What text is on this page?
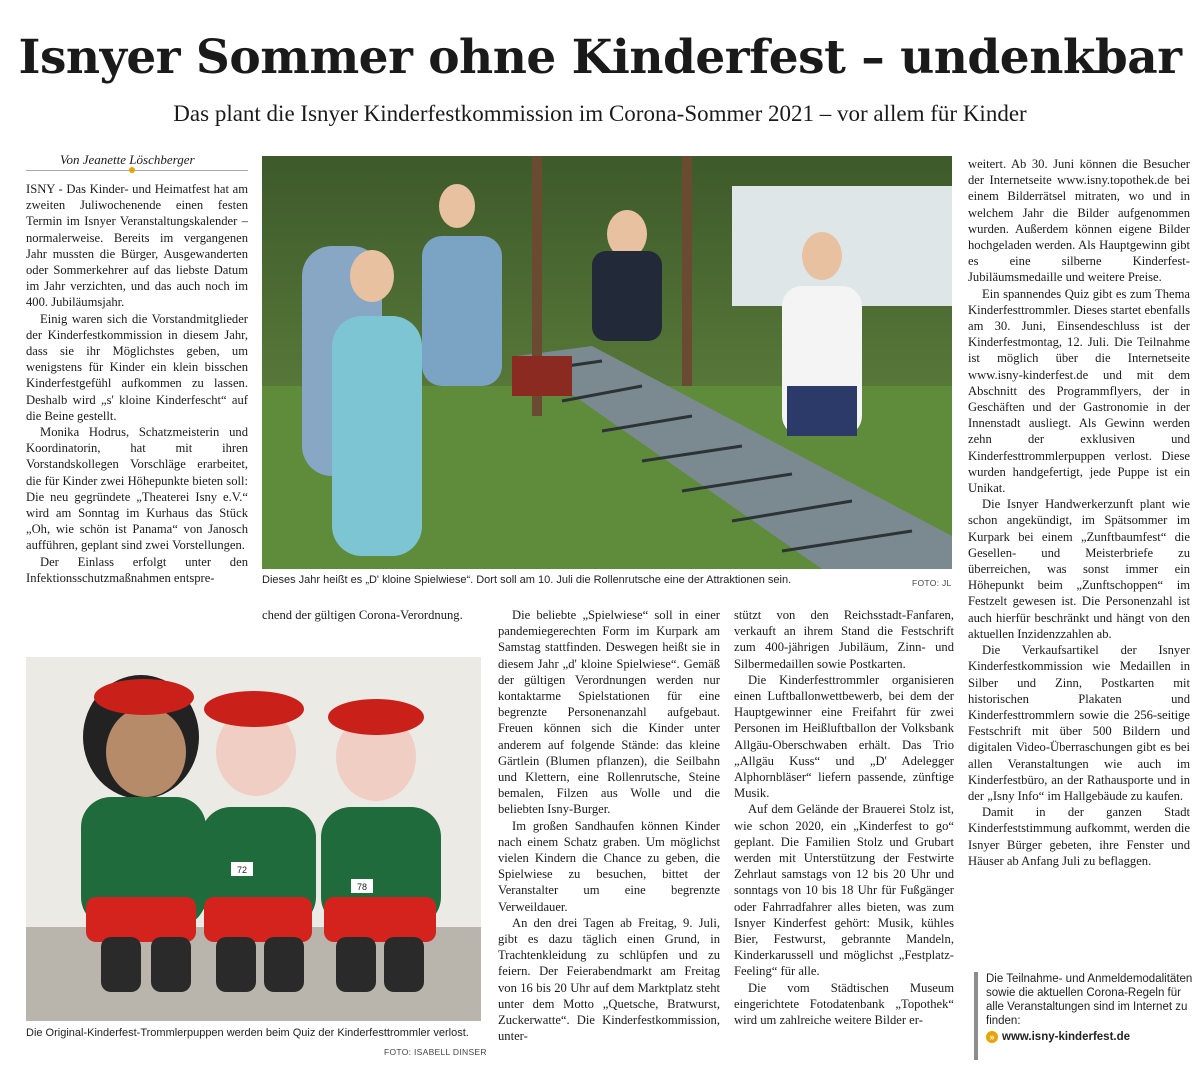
Isnyer Sommer ohne Kinderfest – undenkbar
Das plant die Isnyer Kinderfestkommission im Corona-Sommer 2021 – vor allem für Kinder
Von Jeanette Löschberger

ISNY - Das Kinder- und Heimatfest hat am zweiten Juliwochenende einen festen Termin im Isnyer Veranstaltungskalender – normalerweise. Bereits im vergangenen Jahr mussten die Bürger, Ausgewanderten oder Sommerkehrer auf das liebste Datum im Jahr verzichten, und das auch noch im 400. Jubiläumsjahr.

Einig waren sich die Vorstandmitglieder der Kinderfestkommission in diesem Jahr, dass sie ihr Möglichstes geben, um wenigstens für Kinder ein klein bisschen Kinderfestgefühl aufkommen zu lassen. Deshalb wird „s' kloine Kinderfescht“ auf die Beine gestellt.

Monika Hodrus, Schatzmeisterin und Koordinatorin, hat mit ihren Vorstandskollegen Vorschläge erarbeitet, die für Kinder zwei Höhepunkte bieten soll: Die neu gegründete „Theaterei Isny e.V.“ wird am Sonntag im Kurhaus das Stück „Oh, wie schön ist Panama“ von Janosch aufführen, geplant sind zwei Vorstellungen.

Der Einlass erfolgt unter den Infektionsschutzmaßnahmen entspre-	Dieses Jahr heißt es „D' kloine Spielwiese“. Dort soll am 10. Juli die Rollenrutsche eine der Attraktionen sein.	FOTO: JL

chend der gültigen Corona-Verordnung.

72
78
Die Original-Kinderfest-Trommlerpuppen werden beim Quiz der Kinderfesttrommler verlost.
FOTO: ISABELL DINSER

Die beliebte „Spielwiese“ soll in einer pandemiegerechten Form im Kurpark am Samstag stattfinden. Deswegen heißt sie in diesem Jahr „d' kloine Spielwiese“. Gemäß der gültigen Verordnungen werden nur kontaktarme Spielstationen für eine begrenzte Personenanzahl aufgebaut. Freuen können sich die Kinder unter anderem auf folgende Stände: das kleine Gärtlein (Blumen pflanzen), die Seilbahn und Klettern, eine Rollenrutsche, Steine bemalen, Filzen aus Wolle und die beliebten Isny-Burger.

Im großen Sandhaufen können Kinder nach einem Schatz graben. Um möglichst vielen Kindern die Chance zu geben, die Spielwiese zu besuchen, bittet der Veranstalter um eine begrenzte Verweildauer.

An den drei Tagen ab Freitag, 9. Juli, gibt es dazu täglich einen Grund, in Trachtenkleidung zu schlüpfen und zu feiern. Der Feierabendmarkt am Freitag von 16 bis 20 Uhr auf dem Marktplatz steht unter dem Motto „Quetsche, Bratwurst, Zuckerwatte“. Die Kinderfestkommission, unter-

stützt von den Reichsstadt-Fanfaren, verkauft an ihrem Stand die Festschrift zum 400-jährigen Jubiläum, Zinn- und Silbermedaillen sowie Postkarten.

Die Kinderfesttrommler organisieren einen Luftballonwettbewerb, bei dem der Hauptgewinner eine Freifahrt für zwei Personen im Heißluftballon der Volksbank Allgäu-Oberschwaben erhält. Das Trio „Allgäu Kuss“ und „D' Adelegger Alphornbläser“ liefern passende, zünftige Musik.

Auf dem Gelände der Brauerei Stolz ist, wie schon 2020, ein „Kinderfest to go“ geplant. Die Familien Stolz und Grubart werden mit Unterstützung der Festwirte Zehrlaut samstags von 12 bis 20 Uhr und sonntags von 10 bis 18 Uhr für Fußgänger oder Fahrradfahrer alles bieten, was zum Isnyer Kinderfest gehört: Musik, kühles Bier, Festwurst, gebrannte Mandeln, Kinderkarussell und möglichst „Festplatz-Feeling“ für alle.

Die vom Städtischen Museum eingerichtete Fotodatenbank „Topothek“ wird um zahlreiche weitere Bilder er-

weitert. Ab 30. Juni können die Besucher der Internetseite www.isny.topothek.de bei einem Bilderrätsel mitraten, wo und in welchem Jahr die Bilder aufgenommen wurden. Außerdem können eigene Bilder hochgeladen werden. Als Hauptgewinn gibt es eine silberne Kinderfest-Jubiläumsmedaille und weitere Preise.

Ein spannendes Quiz gibt es zum Thema Kinderfesttrommler. Dieses startet ebenfalls am 30. Juni, Einsendeschluss ist der Kinderfestmontag, 12. Juli. Die Teilnahme ist möglich über die Internetseite www.isny-kinderfest.de und mit dem Abschnitt des Programmflyers, der in Geschäften und der Gastronomie in der Innenstadt ausliegt. Als Gewinn werden zehn der exklusiven und Kinderfesttrommlerpuppen verlost. Diese wurden handgefertigt, jede Puppe ist ein Unikat.

Die Isnyer Handwerkerzunft plant wie schon angekündigt, im Spätsommer im Kurpark bei einem „Zunftbaumfest“ die Gesellen- und Meisterbriefe zu überreichen, was sonst immer ein Höhepunkt beim „Zunftschoppen“ im Festzelt gewesen ist. Die Personenzahl ist auch hierfür beschränkt und hängt von den aktuellen Inzidenzzahlen ab.

Die Verkaufsartikel der Isnyer Kinderfestkommission wie Medaillen in Silber und Zinn, Postkarten mit historischen Plakaten und Kinderfesttrommlern sowie die 256-seitige Festschrift mit über 500 Bildern und digitalen Video-Überraschungen gibt es bei allen Veranstaltungen wie auch im Kinderfestbüro, an der Rathausporte und in der „Isny Info“ im Hallgebäude zu kaufen.

Damit in der ganzen Stadt Kinderfeststimmung aufkommt, werden die Isnyer Bürger gebeten, ihre Fenster und Häuser ab Anfang Juli zu beflaggen.

Die Teilnahme- und Anmeldemodalitäten sowie die aktuellen Corona-Regeln für alle Veranstaltungen sind im Internet zu finden:
» www.isny-kinderfest.de
